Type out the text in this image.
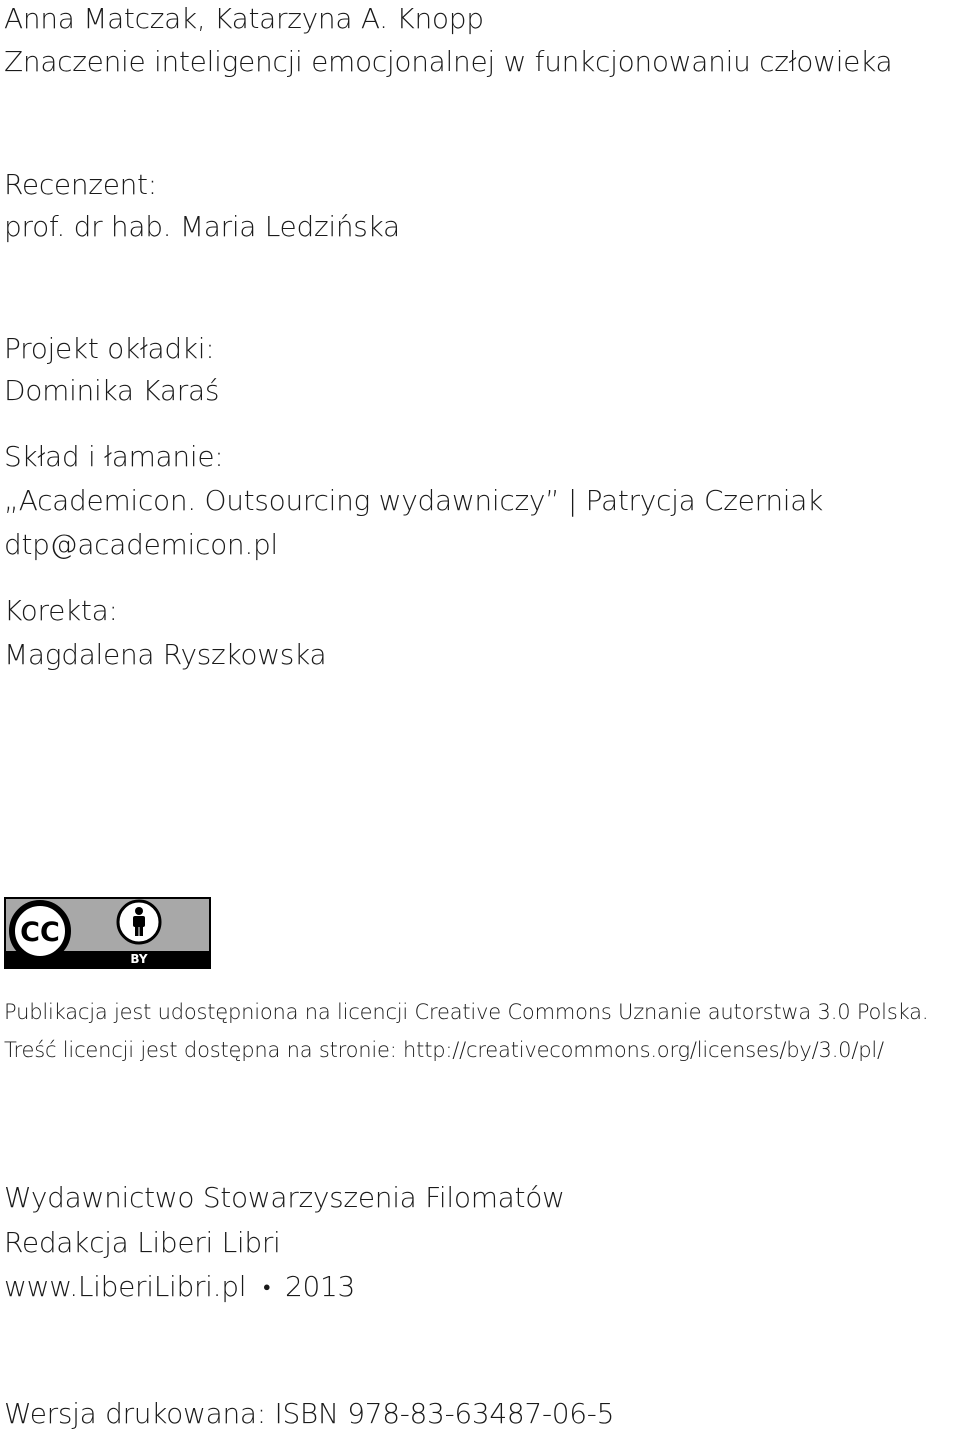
Anna Matczak, Katarzyna A. Knopp
Znaczenie inteligencji emocjonalnej w funkcjonowaniu człowieka
Recenzent:
prof. dr hab. Maria Ledzińska
Projekt okładki:
Dominika Karaś
Skład i łamanie:
„Academicon. Outsourcing wydawniczy” | Patrycja Czerniak
dtp@academicon.pl
Korekta:
Magdalena Ryszkowska
CC
BY
Publikacja jest udostępniona na licencji Creative Commons Uznanie autorstwa 3.0 Polska.
Treść licencji jest dostępna na stronie: http://creativecommons.org/licenses/by/3.0/pl/
Wydawnictwo Stowarzyszenia Filomatów
Redakcja Liberi Libri
www.LiberiLibri.pl ● 2013
Wersja drukowana: ISBN 978-83-63487-06-5
